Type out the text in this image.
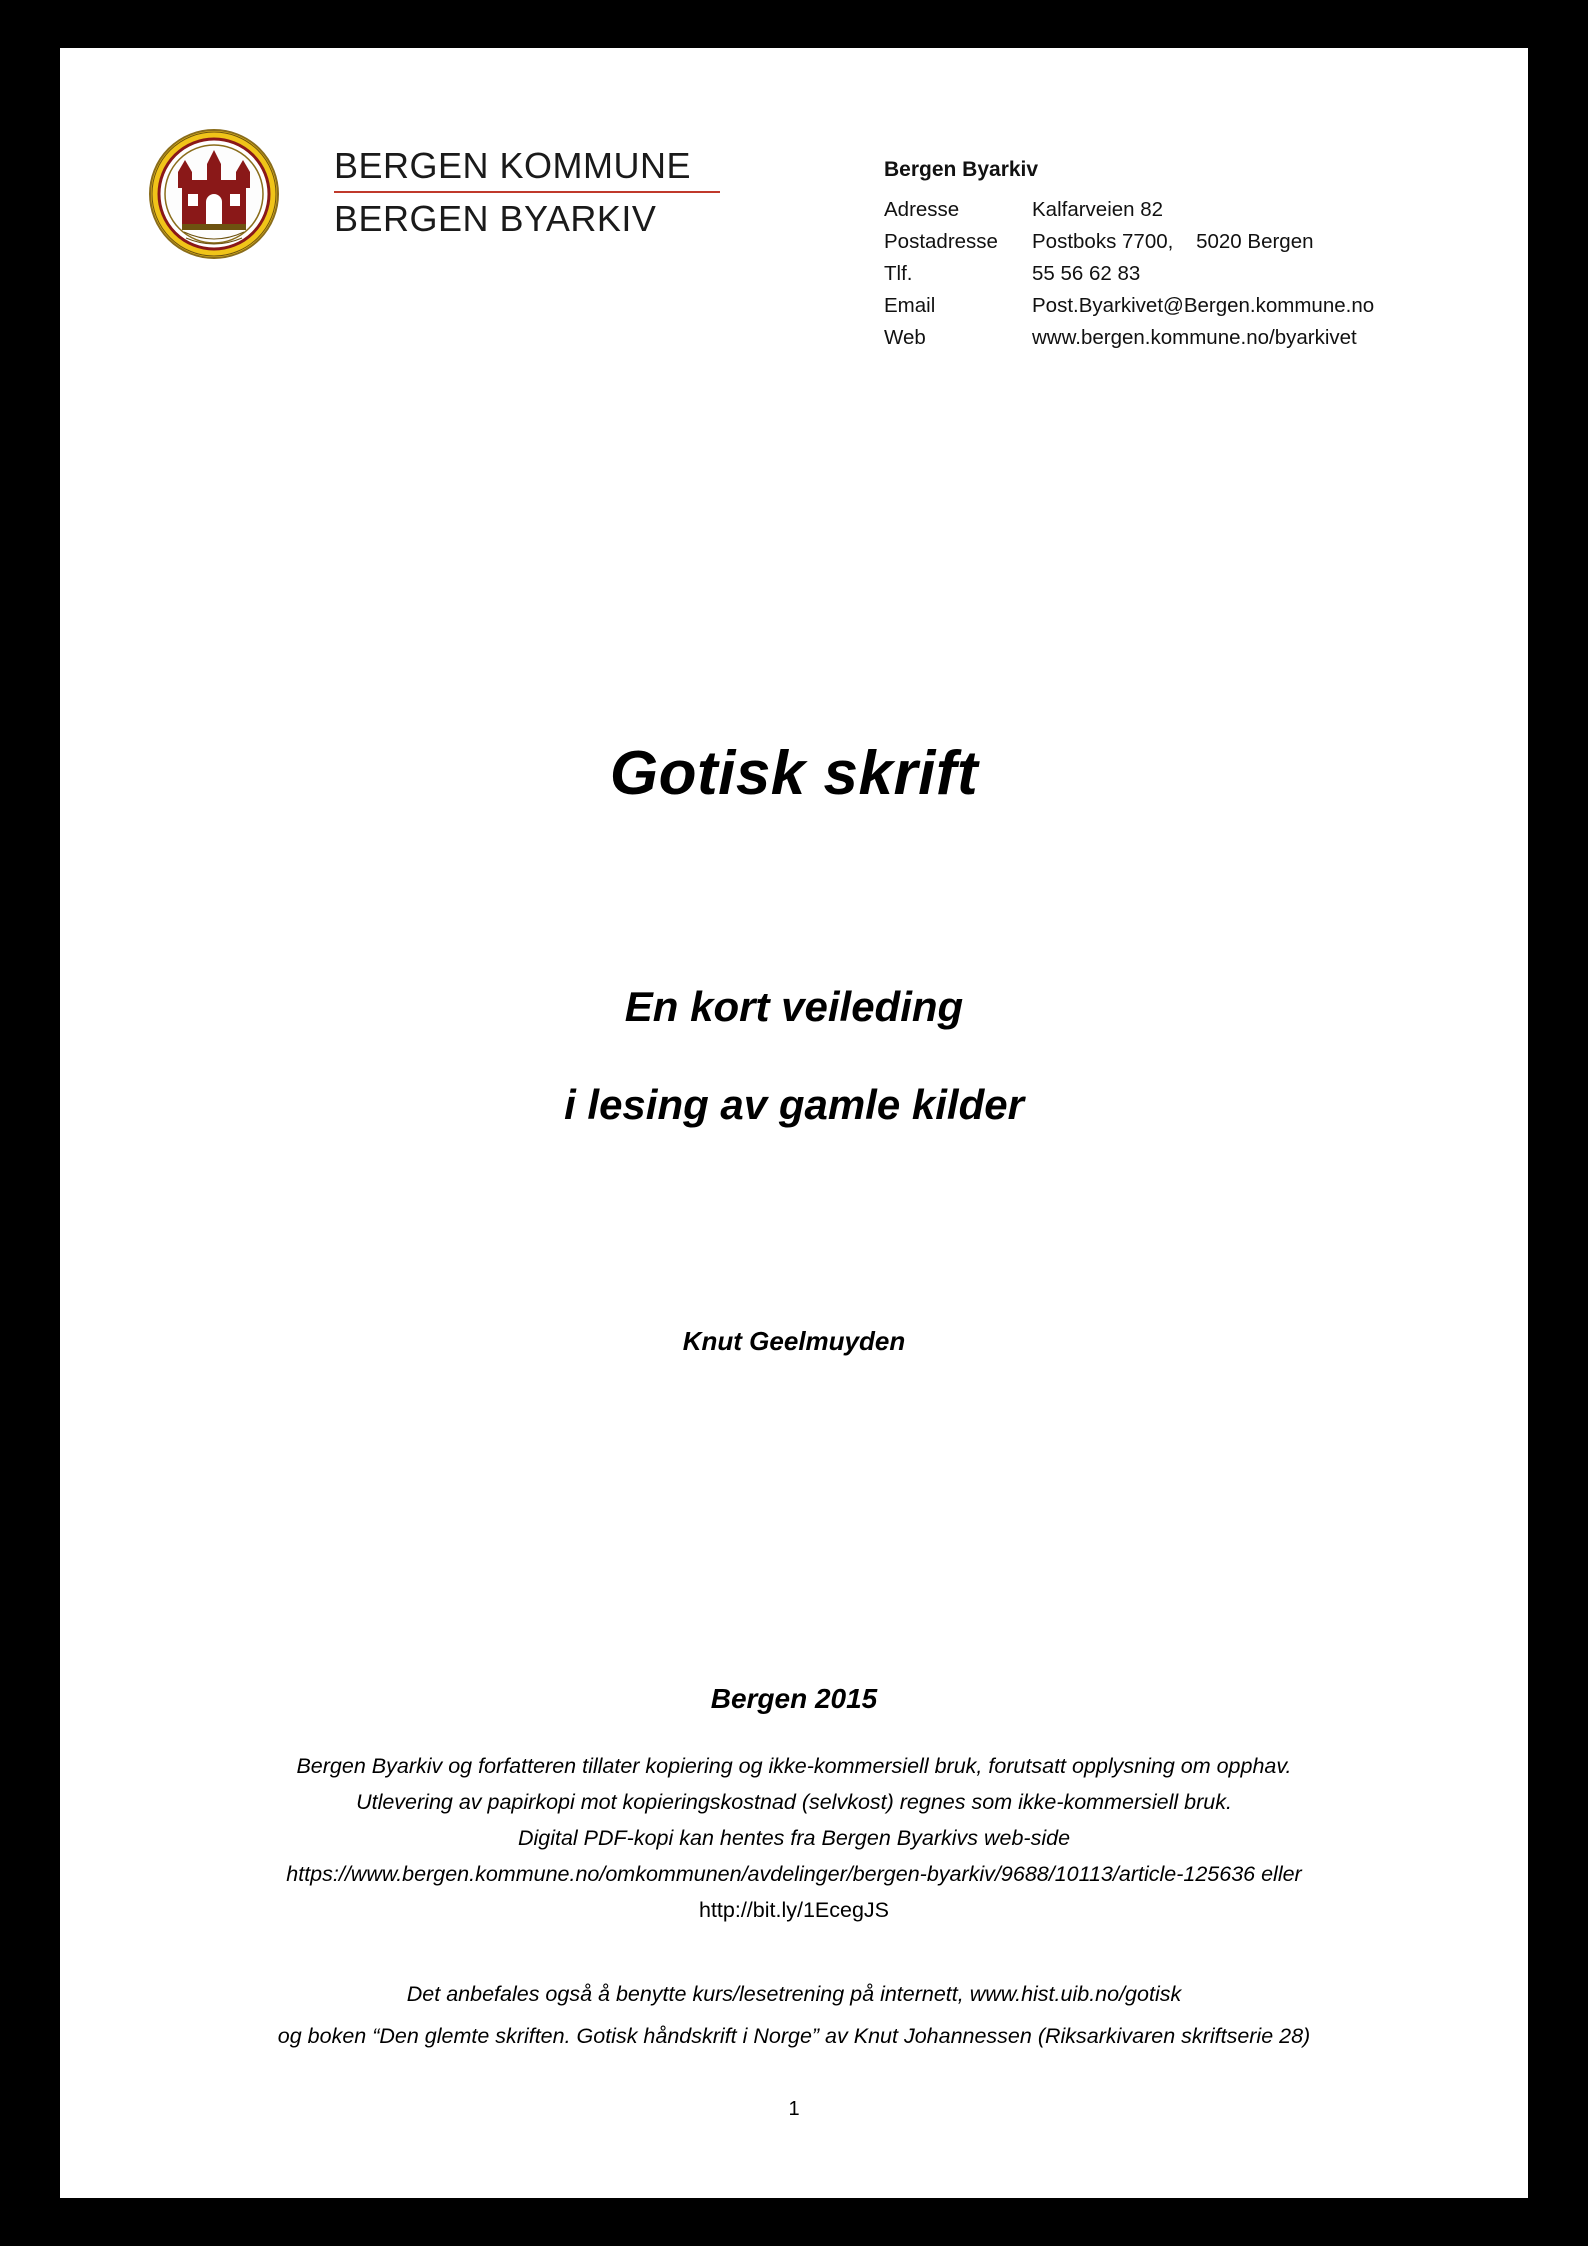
BERGEN KOMMUNE
BERGEN BYARKIV
Bergen Byarkiv
Adresse	Kalfarveien 82
Postadresse	Postboks 7700,    5020 Bergen
Tlf.	55 56 62 83
Email	Post.Byarkivet@Bergen.kommune.no
Web	www.bergen.kommune.no/byarkivet
Gotisk skrift
En kort veileding
i lesing av gamle kilder
Knut Geelmuyden
Bergen 2015
Bergen Byarkiv og forfatteren tillater kopiering og ikke-kommersiell bruk, forutsatt opplysning om opphav.
Utlevering av papirkopi mot kopieringskostnad (selvkost) regnes som ikke-kommersiell bruk.
Digital PDF-kopi kan hentes fra Bergen Byarkivs web-side
https://www.bergen.kommune.no/omkommunen/avdelinger/bergen-byarkiv/9688/10113/article-125636 eller
http://bit.ly/1EcegJS
Det anbefales også å benytte kurs/lesetrening på internett, www.hist.uib.no/gotisk
og boken “Den glemte skriften. Gotisk håndskrift i Norge” av Knut Johannessen (Riksarkivaren skriftserie 28)
1
